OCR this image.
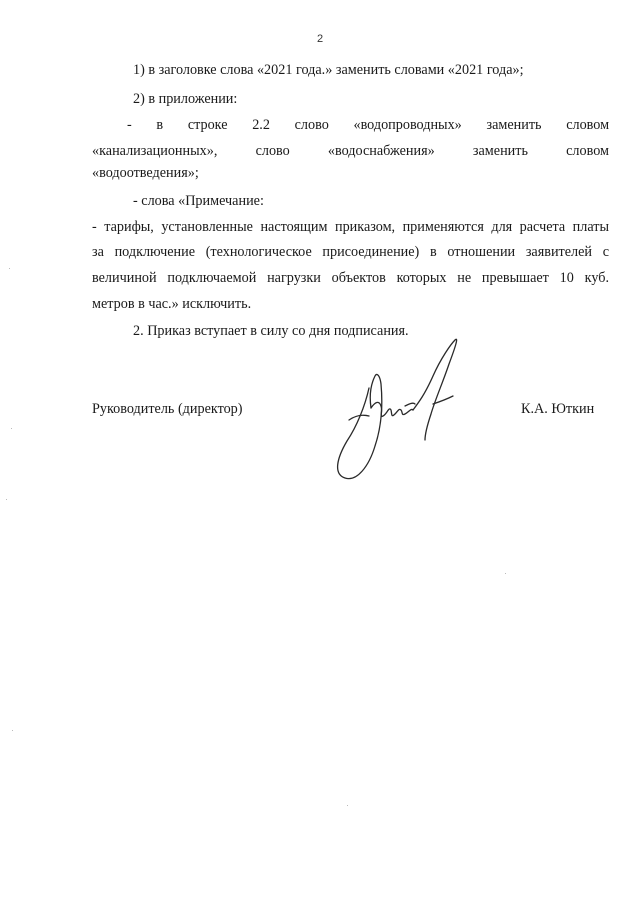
2
1) в заголовке слова «2021 года.» заменить словами «2021 года»;
2) в приложении:
- в строке 2.2 слово «водопроводных» заменить словом
«канализационных»,	слово	«водоснабжения»	заменить	словом
«водоотведения»;
- слова «Примечание:
- тарифы, установленные настоящим приказом, применяются для расчета платы
за подключение (технологическое присоединение) в отношении заявителей с
величиной подключаемой нагрузки объектов которых не превышает 10 куб.
метров в час.» исключить.
2. Приказ вступает в силу со дня подписания.
Руководитель (директор)	К.А. Юткин
